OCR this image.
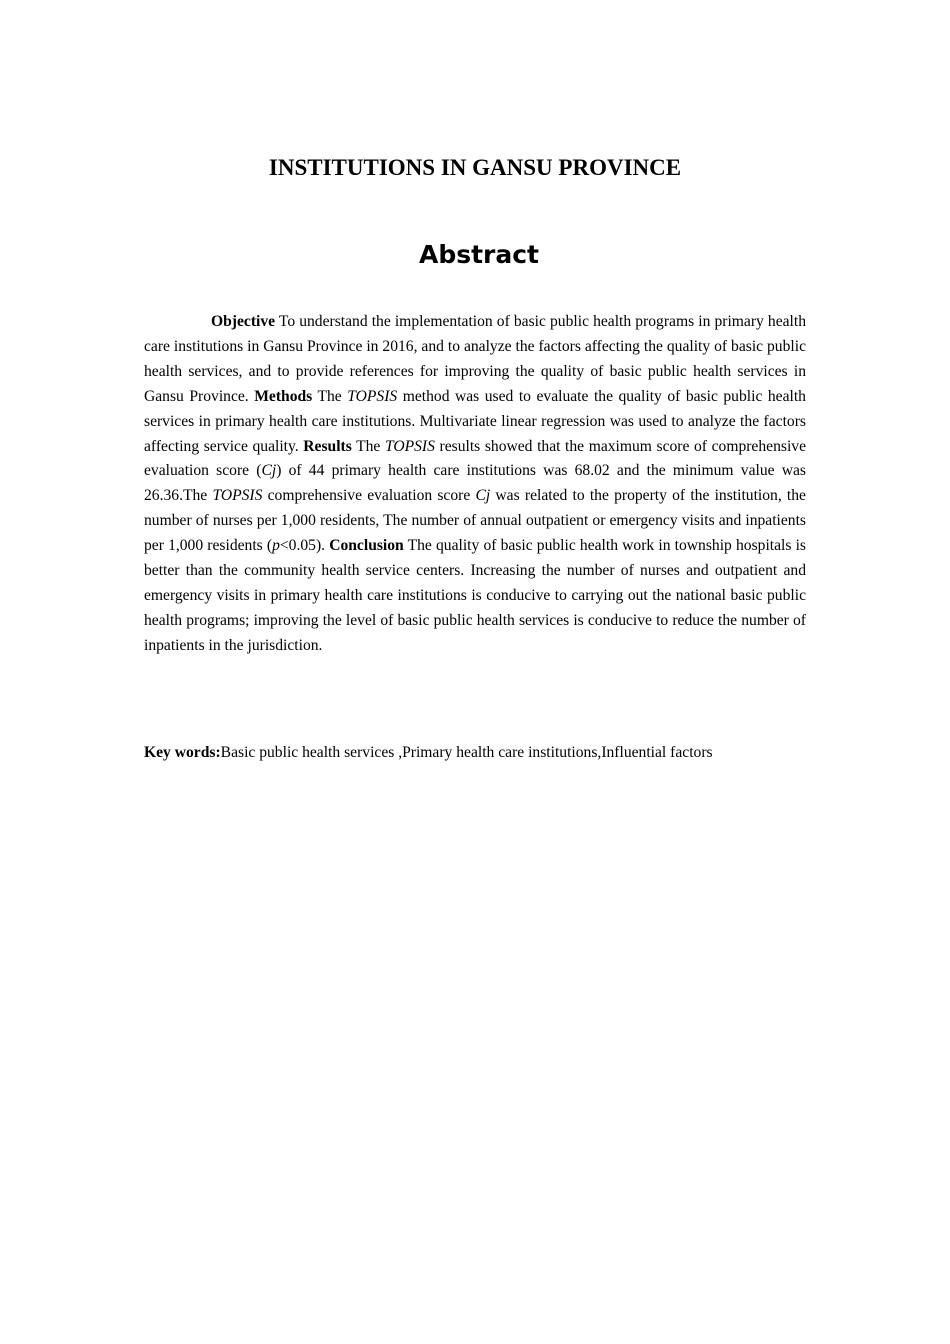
INSTITUTIONS IN GANSU PROVINCE
Abstract

Objective To understand the implementation of basic public health programs in primary health care institutions in Gansu Province in 2016, and to analyze the factors affecting the quality of basic public health services, and to provide references for improving the quality of basic public health services in Gansu Province. Methods The TOPSIS method was used to evaluate the quality of basic public health services in primary health care institutions. Multivariate linear regression was used to analyze the factors affecting service quality. Results The TOPSIS results showed that the maximum score of comprehensive evaluation score (Cj) of 44 primary health care institutions was 68.02 and the minimum value was 26.36.The TOPSIS comprehensive evaluation score Cj was related to the property of the institution, the number of nurses per 1,000 residents, The number of annual outpatient or emergency visits and inpatients per 1,000 residents (p<0.05). Conclusion The quality of basic public health work in township hospitals is better than the community health service centers. Increasing the number of nurses and outpatient and emergency visits in primary health care institutions is conducive to carrying out the national basic public health programs; improving the level of basic public health services is conducive to reduce the number of inpatients in the jurisdiction.

Key words:Basic public health services ,Primary health care institutions,Influential factors
